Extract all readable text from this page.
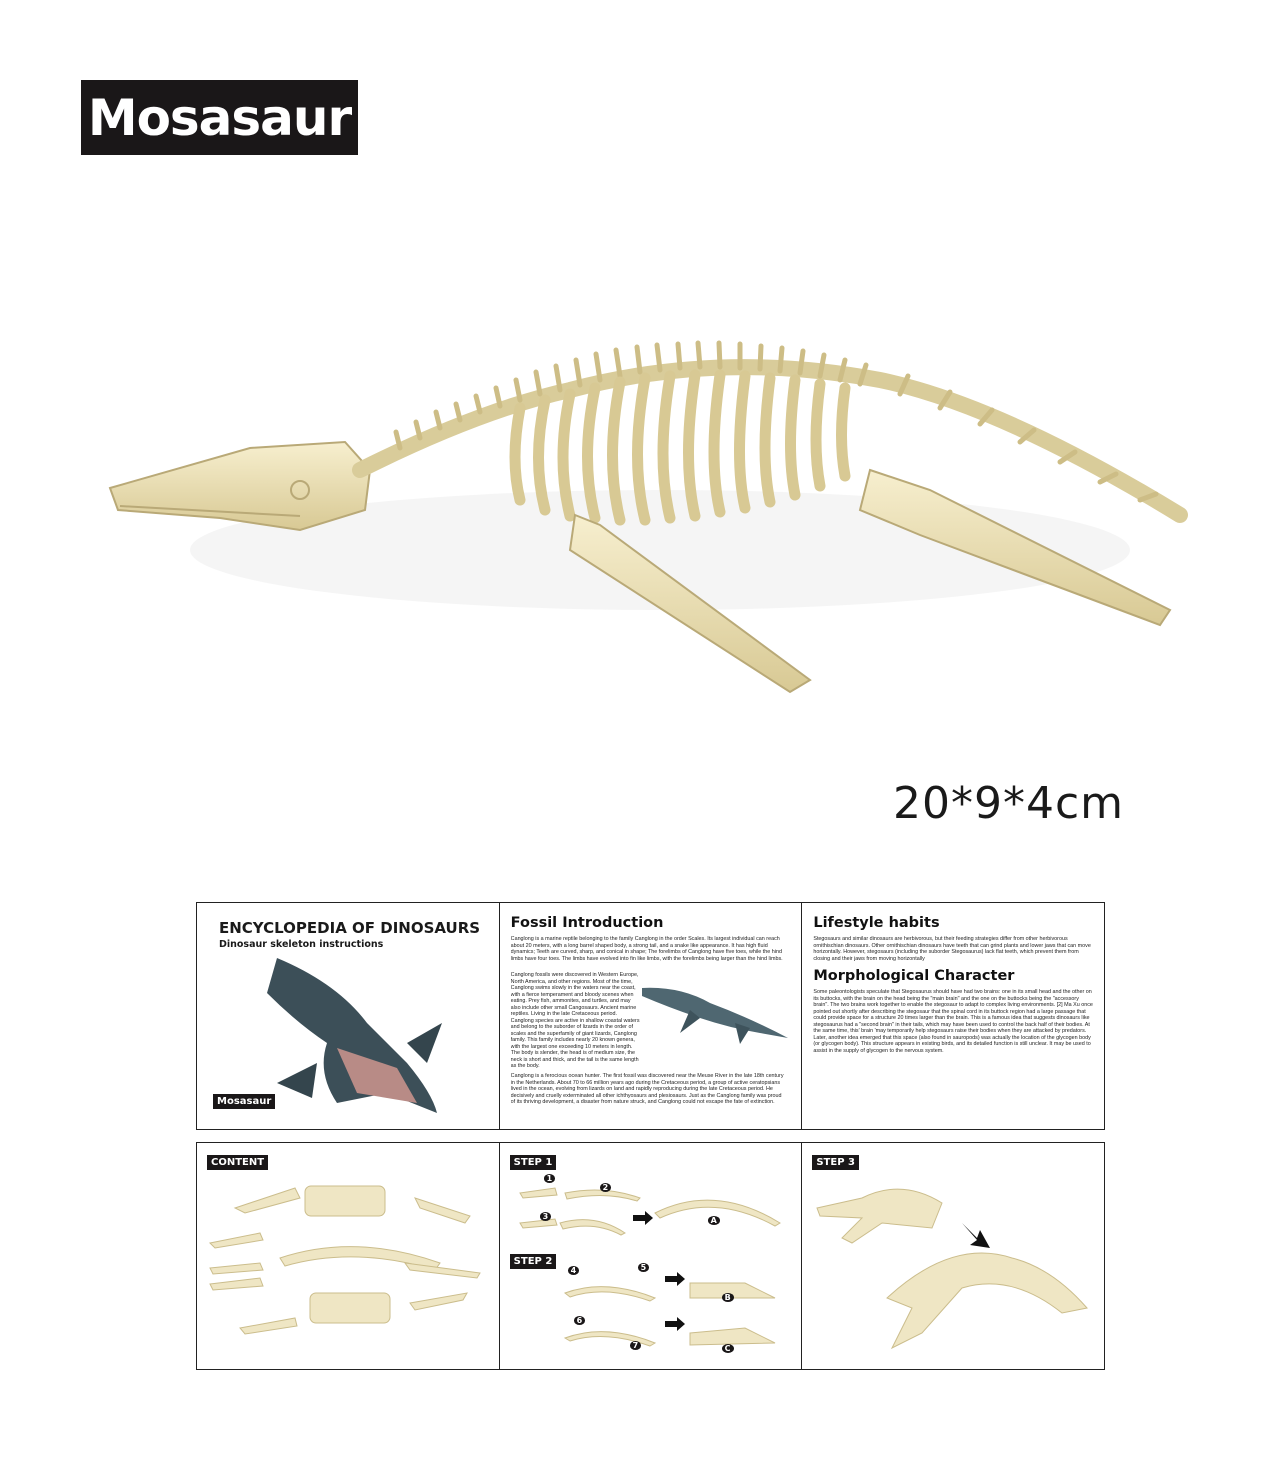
Mosasaur
20*9*4cm
ENCYCLOPEDIA OF DINOSAURS
Dinosaur skeleton instructions
Mosasaur
Fossil Introduction
Canglong is a marine reptile belonging to the family Canglong in the order Scales. Its largest individual can reach about 20 meters, with a long barrel shaped body, a strong tail, and a snake like appearance. It has high fluid dynamics; Teeth are curved, sharp, and conical in shape; The forelimbs of Canglong have five toes, while the hind limbs have four toes. The limbs have evolved into fin like limbs, with the forelimbs being larger than the hind limbs.
Canglong fossils were discovered in Western Europe, North America, and other regions. Most of the time, Canglong swims slowly in the waters near the coast, with a fierce temperament and bloody scenes when eating. Prey fish, ammonites, and turtles, and may also include other small Cangosaurs. Ancient marine reptiles. Living in the late Cretaceous period. Canglong species are active in shallow coastal waters and belong to the suborder of lizards in the order of scales and the superfamily of giant lizards, Canglong family. This family includes nearly 20 known genera, with the largest one exceeding 10 meters in length. The body is slender, the head is of medium size, the neck is short and thick, and the tail is the same length as the body.
Canglong is a ferocious ocean hunter. The first fossil was discovered near the Meuse River in the late 18th century in the Netherlands. About 70 to 66 million years ago during the Cretaceous period, a group of active ceratopsians lived in the ocean, evolving from lizards on land and rapidly reproducing during the late Cretaceous period. He decisively and cruelly exterminated all other ichthyosaurs and plesiosaurs. Just as the Canglong family was proud of its thriving development, a disaster from nature struck, and Canglong could not escape the fate of extinction.
Lifestyle habits
Stegosaurs and similar dinosaurs are herbivorous, but their feeding strategies differ from other herbivorous ornithischian dinosaurs. Other ornithischian dinosaurs have teeth that can grind plants and lower jaws that can move horizontally. However, stegosaurs (including the suborder Stegosaurus) lack flat teeth, which prevent them from closing and their jaws from moving horizontally
Morphological Character
Some paleontologists speculate that Stegosaurus should have had two brains: one in its small head and the other on its buttocks, with the brain on the head being the "main brain" and the one on the buttocks being the "accessory brain". The two brains work together to enable the stegosaur to adapt to complex living environments. [2] Ma Xu once pointed out shortly after describing the stegosaur that the spinal cord in its buttock region had a large passage that could provide space for a structure 20 times larger than the brain. This is a famous idea that suggests dinosaurs like stegosaurus had a "second brain" in their tails, which may have been used to control the back half of their bodies. At the same time, this' brain 'may temporarily help stegosaurs raise their bodies when they are attacked by predators. Later, another idea emerged that this space (also found in sauropods) was actually the location of the glycogen body (or glycogen body). This structure appears in existing birds, and its detailed function is still unclear. It may be used to assist in the supply of glycogen to the nervous system.
CONTENT	STEP 1
STEP 2
1
2
3
4	5
6
7
A
B
C
STEP 3
